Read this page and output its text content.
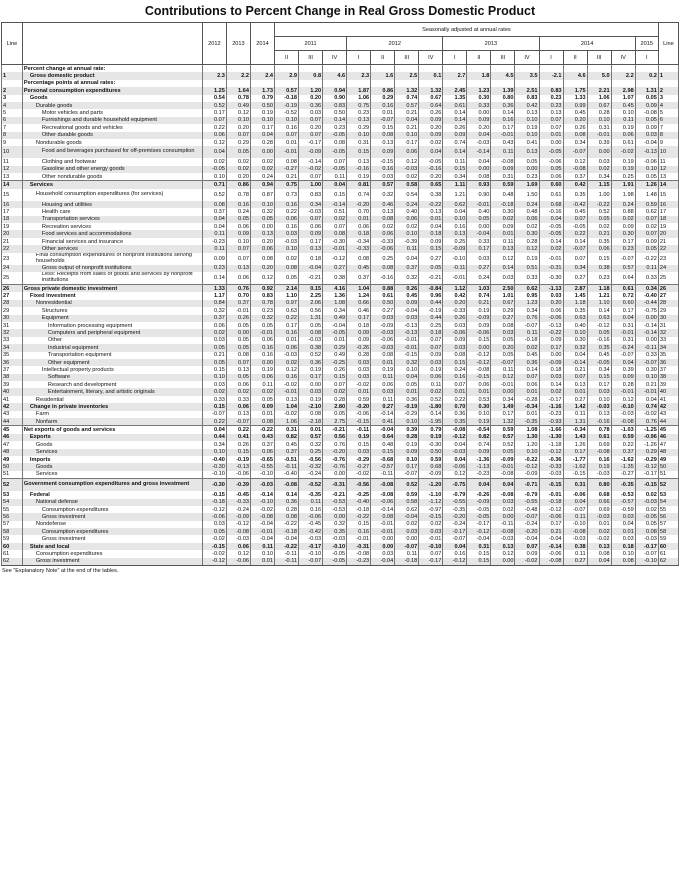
Contributions to Percent Change in Real Gross Domestic Product
Line		2012	2013	2014	Seasonally adjusted at annual rates																Line
					2011			2012				2013				2014				2015	
					II	III	IV	I	II	III	IV	I	II	III	IV	I	II	III	IV	I	
	Percent change at annual rate:																				
1	Gross domestic product	2.3	2.2	2.4	2.9	0.8	4.6	2.3	1.6	2.5	0.1	2.7	1.8	4.5	3.5	-2.1	4.6	5.0	2.2	0.2	1
	Percentage points at annual rates:																				
2	Personal consumption expenditures	1.25	1.64	1.73	0.57	1.20	0.94	1.87	0.86	1.32	1.32	2.45	1.23	1.39	2.51	0.83	1.75	2.21	2.98	1.31	2
3	Goods	0.54	0.78	0.79	-0.18	0.20	0.90	1.06	0.29	0.74	0.67	1.35	0.30	0.80	0.83	0.23	1.33	1.06	1.07	0.05	3
4	Durable goods	0.52	0.49	0.50	-0.19	0.36	0.83	0.75	0.16	0.57	0.64	0.61	0.33	0.36	0.42	0.23	0.99	0.67	0.45	0.09	4
5	Motor vehicles and parts	0.17	0.12	0.19	-0.52	0.03	0.50	0.23	0.01	0.21	0.26	0.14	0.00	0.14	0.13	0.13	0.45	0.28	0.10	-0.08	5
6	Furnishings and durable household equipment	0.07	0.10	0.10	0.10	0.07	0.14	0.13	-0.07	0.04	0.09	0.14	0.09	0.16	0.10	0.07	0.20	0.10	0.11	0.05	6
7	Recreational goods and vehicles	0.22	0.20	0.17	0.16	0.20	0.23	0.29	0.15	0.21	0.20	0.26	0.20	0.17	0.19	0.07	0.26	0.31	0.19	0.09	7
8	Other durable goods	0.06	0.07	0.04	0.07	0.07	-0.05	0.10	0.08	0.10	0.09	0.09	0.04	-0.01	0.10	0.01	0.08	-0.01	0.06	0.03	8
9	Nondurable goods	0.12	0.29	0.28	0.01	-0.17	0.08	0.31	0.13	0.17	0.02	0.74	-0.03	0.43	0.41	0.00	0.34	0.39	0.61	-0.04	9
10	Food and beverages purchased for off-premises consumption	0.04	0.05	0.00	-0.01	-0.09	-0.05	0.15	0.09	0.06	0.04	0.14	-0.14	0.11	0.13	-0.05	-0.07	0.00	-0.02	-0.13	10
11	Clothing and footwear	0.02	0.02	0.02	0.08	-0.14	0.07	0.13	-0.15	0.12	-0.05	0.11	0.04	-0.08	0.05	-0.06	0.12	0.03	0.19	-0.06	11
12	Gasoline and other energy goods	-0.05	0.02	0.02	-0.27	-0.02	-0.05	-0.16	0.16	-0.03	-0.16	0.15	0.00	0.09	0.00	0.05	-0.08	0.02	0.19	0.10	12
13	Other nondurable goods	0.10	0.20	0.24	0.21	0.07	0.11	0.19	0.03	0.02	0.20	0.34	0.08	0.31	0.23	0.06	0.37	0.34	0.25	0.05	13
14	Services	0.71	0.86	0.94	0.75	1.00	0.04	0.81	0.57	0.58	0.65	1.11	0.93	0.59	1.69	0.60	0.42	1.15	1.91	1.26	14
15	Household consumption expenditures (for services)	0.52	0.78	0.87	0.73	0.83	0.15	0.74	0.32	0.54	0.38	1.21	0.90	0.48	1.50	0.61	0.35	1.00	1.98	1.48	15
16	Housing and utilities	0.08	0.16	0.10	0.16	0.34	-0.14	-0.20	0.46	0.24	-0.22	0.62	-0.01	-0.18	0.24	0.68	-0.42	-0.22	0.24	0.59	16
17	Health care	0.37	0.24	0.32	0.22	-0.03	0.51	0.70	0.13	0.40	0.13	0.04	0.40	0.30	0.48	-0.16	0.45	0.52	0.88	0.62	17
18	Transportation services	0.04	0.05	0.05	0.06	0.07	0.02	0.01	0.08	0.06	0.01	0.10	0.05	0.02	0.06	0.04	0.07	0.05	0.02	0.07	18
19	Recreation services	0.04	0.06	0.00	0.16	0.06	0.07	0.06	0.02	0.02	0.04	0.16	0.00	0.09	0.02	-0.05	-0.05	0.02	0.09	0.02	19
20	Food services and accommodations	0.11	0.09	0.13	0.03	0.09	0.08	0.18	0.06	0.10	0.18	0.13	-0.04	0.01	0.30	-0.05	0.22	0.21	0.30	0.07	20
21	Financial services and insurance	-0.23	0.10	0.20	-0.03	0.17	-0.30	-0.34	-0.33	-0.39	0.09	0.25	0.33	0.11	0.28	0.14	0.14	0.35	0.17	0.09	21
22	Other services	0.11	0.07	0.06	0.10	0.13	-0.01	-0.33	-0.06	0.11	0.15	-0.09	0.17	0.13	0.12	0.02	-0.07	0.06	0.23	0.05	22
23	Final consumption expenditures of nonprofit institutions serving households	0.09	0.07	0.08	0.02	0.18	-0.12	0.08	0.25	0.04	0.27	-0.10	0.03	0.12	0.19	-0.01	0.07	0.15	-0.07	-0.22	23
24	Gross output of nonprofit institutions	0.23	0.13	0.20	0.08	-0.04	0.27	0.45	0.08	0.37	0.05	-0.11	0.27	0.14	0.51	-0.31	0.34	0.38	0.57	0.11	24
25	Less: Receipts from sales of goods and services by nonprofit institutions	0.14	0.06	0.12	0.05	-0.21	0.38	0.37	-0.16	0.32	-0.21	-0.01	0.24	0.03	0.33	-0.30	0.27	0.23	0.64	0.33	25
26	Gross private domestic investment	1.33	0.76	0.92	2.14	0.15	4.16	1.04	0.88	0.26	-0.84	1.12	1.03	2.50	0.62	-1.13	2.87	1.18	0.61	0.34	26
27	Fixed investment	1.17	0.70	0.83	1.10	2.25	1.36	1.24	0.61	0.45	0.96	0.42	0.74	1.01	0.95	0.03	1.45	1.21	0.72	-0.40	27
28	Nonresidential	0.84	0.37	0.78	0.97	2.06	1.08	0.66	0.50	0.09	0.44	0.20	0.21	0.67	1.23	0.20	1.18	1.10	0.60	-0.44	28
29	Structures	0.32	-0.01	0.23	0.63	0.56	0.34	0.46	0.27	-0.04	-0.19	-0.33	0.19	0.29	0.34	0.06	0.35	0.14	0.17	-0.75	29
30	Equipment	0.37	0.26	0.32	0.22	1.31	0.49	0.17	0.03	0.03	0.44	0.26	-0.09	0.27	0.76	-0.06	0.63	0.63	0.04	0.00	30
31	Information processing equipment	0.06	0.05	0.05	0.17	0.05	-0.04	0.18	-0.09	-0.13	0.25	0.03	0.09	0.08	-0.07	-0.13	0.40	-0.12	0.31	-0.14	31
32	Computers and peripheral equipment	0.02	0.00	-0.01	0.16	0.08	-0.05	0.09	-0.03	-0.13	0.18	-0.06	-0.06	0.03	0.11	-0.22	0.10	0.05	-0.01	-0.14	32
33	Other	0.03	0.05	0.06	0.01	-0.03	0.01	0.09	-0.06	-0.01	0.07	0.09	0.15	0.05	-0.18	0.09	0.30	-0.16	0.31	0.00	33
34	Industrial equipment	0.05	0.05	0.16	0.06	0.38	0.29	-0.26	-0.03	-0.01	0.07	0.03	0.00	0.20	0.02	0.17	0.32	0.35	-0.24	-0.11	34
35	Transportation equipment	0.21	0.08	0.16	-0.03	0.52	0.49	0.28	0.08	-0.15	0.09	0.08	-0.12	0.05	0.45	0.00	0.04	0.45	-0.07	0.33	35
36	Other equipment	0.05	0.07	0.00	0.02	0.36	-0.25	0.03	0.01	0.32	0.03	0.15	-0.12	-0.07	0.36	-0.09	-0.14	-0.05	0.04	-0.07	36
37	Intellectual property products	0.15	0.13	0.19	0.12	0.19	0.26	0.03	0.19	0.10	0.19	0.24	-0.08	0.11	0.14	0.18	0.21	0.34	0.39	0.30	37
38	Software	0.10	0.05	0.06	0.16	0.17	0.15	0.03	0.11	0.04	0.06	0.16	-0.15	0.12	0.07	0.03	0.07	0.15	0.09	0.10	38
39	Research and development	0.03	0.06	0.11	-0.02	0.00	0.07	-0.02	0.06	0.05	0.11	0.07	0.06	-0.01	0.06	0.14	0.13	0.17	0.28	0.21	39
40	Entertainment, literary, and artistic originals	0.02	0.02	0.02	-0.01	0.03	0.02	0.01	0.03	0.01	0.02	0.01	0.01	0.00	0.01	0.02	0.01	0.03	-0.01	-0.01	40
41	Residential	0.33	0.33	0.05	0.13	0.19	0.28	0.59	0.11	0.36	0.52	0.22	0.53	0.34	-0.28	-0.17	0.27	0.10	0.12	0.04	41
42	Change in private inventories	0.15	0.06	0.09	1.04	-2.10	2.80	-0.20	0.27	-0.19	-1.80	0.70	0.30	1.49	-0.34	-1.16	1.42	-0.03	-0.10	0.74	42
43	Farm	-0.07	0.13	0.01	-0.02	0.08	0.05	-0.06	-0.14	-0.29	0.14	0.36	0.10	0.17	0.01	-0.23	0.11	0.13	-0.03	-0.02	43
44	Nonfarm	0.22	-0.07	0.08	1.06	-2.18	2.75	-0.15	0.41	0.10	-1.95	0.35	0.19	1.32	-0.35	-0.93	1.31	-0.16	-0.08	0.76	44
45	Net exports of goods and services	0.04	0.22	-0.22	0.31	0.01	-0.21	-0.11	-0.04	0.39	0.79	-0.08	-0.54	0.59	1.08	-1.66	-0.34	0.78	-1.03	-1.25	45
46	Exports	0.44	0.41	0.43	0.82	0.57	0.56	0.19	0.64	0.28	0.19	-0.12	0.82	0.57	1.30	-1.30	1.43	0.61	0.59	-0.96	46
47	Goods	0.34	0.26	0.37	0.45	0.32	0.76	0.15	0.48	0.19	-0.30	0.04	0.74	0.52	1.20	-1.18	1.26	0.69	0.22	-1.26	47
48	Services	0.10	0.15	0.06	0.37	0.25	-0.20	0.03	0.15	0.09	0.50	-0.03	0.09	0.05	0.10	-0.12	0.17	-0.08	0.37	0.29	48
49	Imports	-0.40	-0.19	-0.65	-0.51	-0.56	-0.76	-0.29	-0.68	0.10	0.59	0.04	-1.36	-0.09	-0.22	-0.36	-1.77	0.16	-1.62	-0.29	49
50	Goods	-0.30	-0.13	-0.55	-0.11	-0.32	-0.76	-0.27	-0.57	0.17	0.68	-0.06	-1.13	-0.01	-0.12	-0.33	-1.62	0.19	-1.35	-0.12	50
51	Services	-0.10	-0.06	-0.10	-0.40	-0.24	0.00	-0.02	-0.11	-0.07	-0.09	0.12	-0.23	-0.08	-0.09	-0.03	-0.15	-0.03	-0.27	-0.17	51
52	Government consumption expenditures and gross investment	-0.30	-0.39	-0.03	-0.08	-0.52	-0.31	-0.56	-0.08	0.52	-1.20	-0.75	0.04	0.04	-0.71	-0.15	0.31	0.80	-0.35	-0.15	52
53	Federal	-0.15	-0.45	-0.14	0.14	-0.35	-0.21	-0.25	-0.08	0.59	-1.10	-0.79	-0.26	-0.08	-0.79	-0.01	-0.06	0.68	-0.53	0.02	53
54	National defense	-0.18	-0.33	-0.10	0.36	0.11	-0.53	-0.40	-0.06	0.58	-1.12	-0.55	-0.09	0.03	-0.55	-0.18	0.04	0.66	-0.57	-0.03	54
55	Consumption expenditures	-0.12	-0.24	-0.02	0.28	0.16	-0.53	-0.18	-0.14	0.62	-0.97	-0.35	-0.05	0.02	-0.48	-0.12	-0.07	0.69	-0.59	0.02	55
56	Gross investment	-0.06	-0.09	-0.08	0.08	-0.06	0.00	-0.22	0.08	-0.04	-0.15	-0.20	-0.05	0.00	-0.07	-0.06	0.11	-0.03	0.03	-0.05	56
57	Nondefense	0.03	-0.12	-0.04	-0.22	-0.45	0.32	0.15	-0.01	0.02	0.02	-0.24	-0.17	-0.11	-0.24	0.17	-0.10	0.01	0.04	0.05	57
58	Consumption expenditures	0.05	-0.08	-0.01	-0.18	-0.42	0.35	0.16	-0.01	0.03	0.03	-0.17	-0.12	-0.08	-0.20	0.21	-0.08	0.02	0.01	0.08	58
59	Gross investment	-0.02	-0.03	-0.04	-0.04	-0.03	-0.03	-0.01	0.00	0.00	-0.01	-0.07	-0.04	-0.03	-0.04	-0.04	-0.03	-0.02	0.03	-0.03	59
60	State and local	-0.15	0.06	0.11	-0.22	-0.17	-0.10	-0.31	0.00	-0.07	-0.10	0.04	0.31	0.13	0.07	-0.14	0.38	0.13	0.18	-0.17	60
61	Consumption expenditures	-0.02	0.12	0.10	-0.11	-0.10	-0.05	-0.08	0.03	0.11	0.07	0.16	0.15	0.12	0.09	-0.06	0.11	0.08	0.10	-0.07	61
62	Gross investment	-0.12	-0.06	0.01	-0.11	-0.07	-0.05	-0.23	-0.04	-0.18	-0.17	-0.12	0.15	0.00	-0.02	-0.08	0.27	0.04	0.08	-0.10	62
See "Explanatory Note" at the end of the tables.
